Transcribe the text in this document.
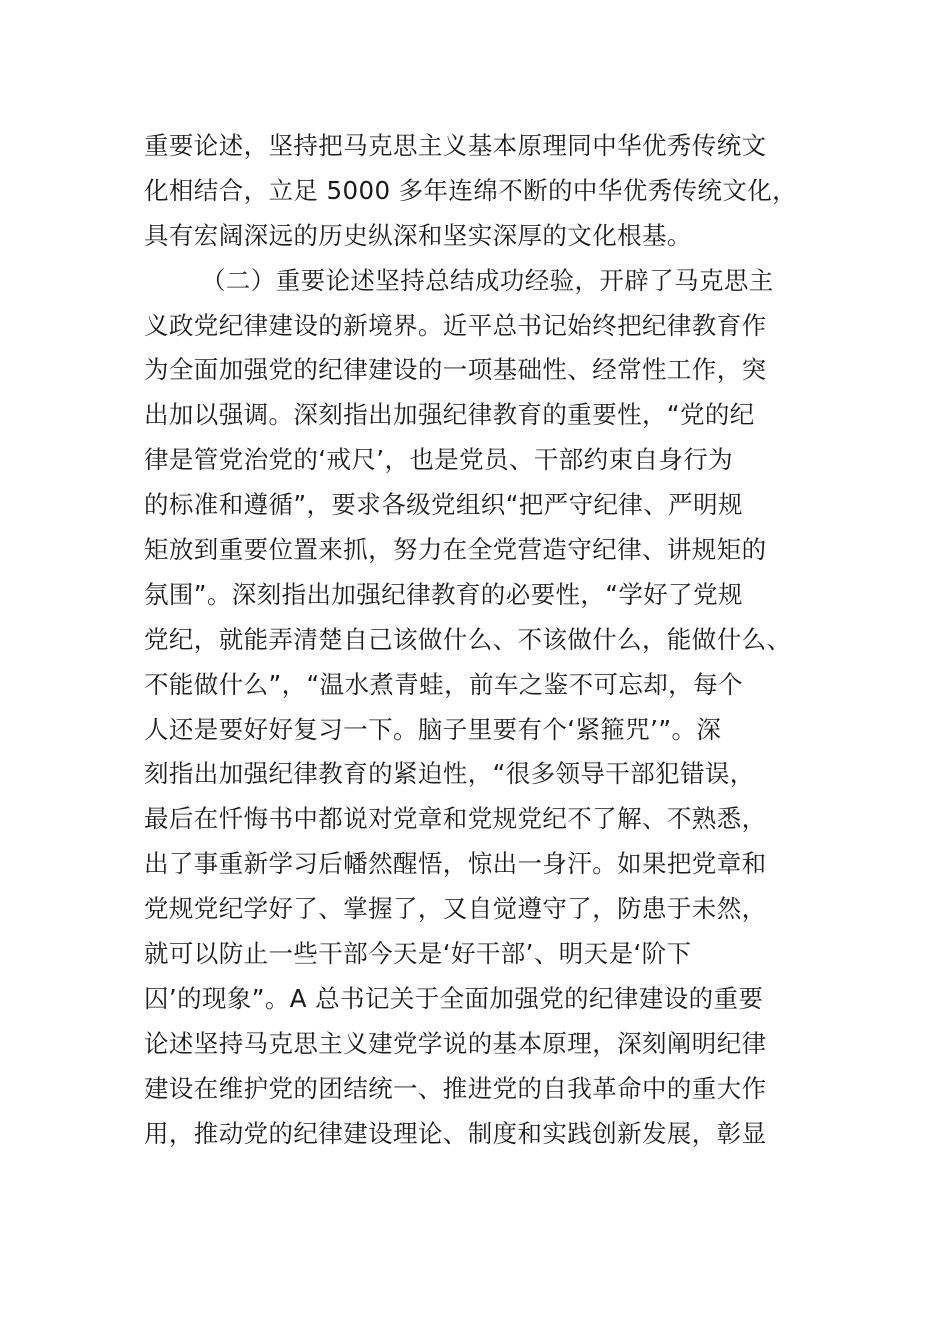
重要论述，坚持把马克思主义基本原理同中华优秀传统文
化相结合，立足 5000 多年连绵不断的中华优秀传统文化，
具有宏阔深远的历史纵深和坚实深厚的文化根基。
（二）重要论述坚持总结成功经验，开辟了马克思主
义政党纪律建设的新境界。近平总书记始终把纪律教育作
为全面加强党的纪律建设的一项基础性、经常性工作，突
出加以强调。深刻指出加强纪律教育的重要性，“党的纪
律是管党治党的‘戒尺’，也是党员、干部约束自身行为
的标准和遵循”，要求各级党组织“把严守纪律、严明规
矩放到重要位置来抓，努力在全党营造守纪律、讲规矩的
氛围”。深刻指出加强纪律教育的必要性，“学好了党规
党纪，就能弄清楚自己该做什么、不该做什么，能做什么、
不能做什么”，“温水煮青蛙，前车之鉴不可忘却，每个
人还是要好好复习一下。脑子里要有个‘紧箍咒’”。深
刻指出加强纪律教育的紧迫性，“很多领导干部犯错误，
最后在忏悔书中都说对党章和党规党纪不了解、不熟悉，
出了事重新学习后幡然醒悟，惊出一身汗。如果把党章和
党规党纪学好了、掌握了，又自觉遵守了，防患于未然，
就可以防止一些干部今天是‘好干部’、明天是‘阶下
囚’的现象”。A 总书记关于全面加强党的纪律建设的重要
论述坚持马克思主义建党学说的基本原理，深刻阐明纪律
建设在维护党的团结统一、推进党的自我革命中的重大作
用，推动党的纪律建设理论、制度和实践创新发展，彰显
